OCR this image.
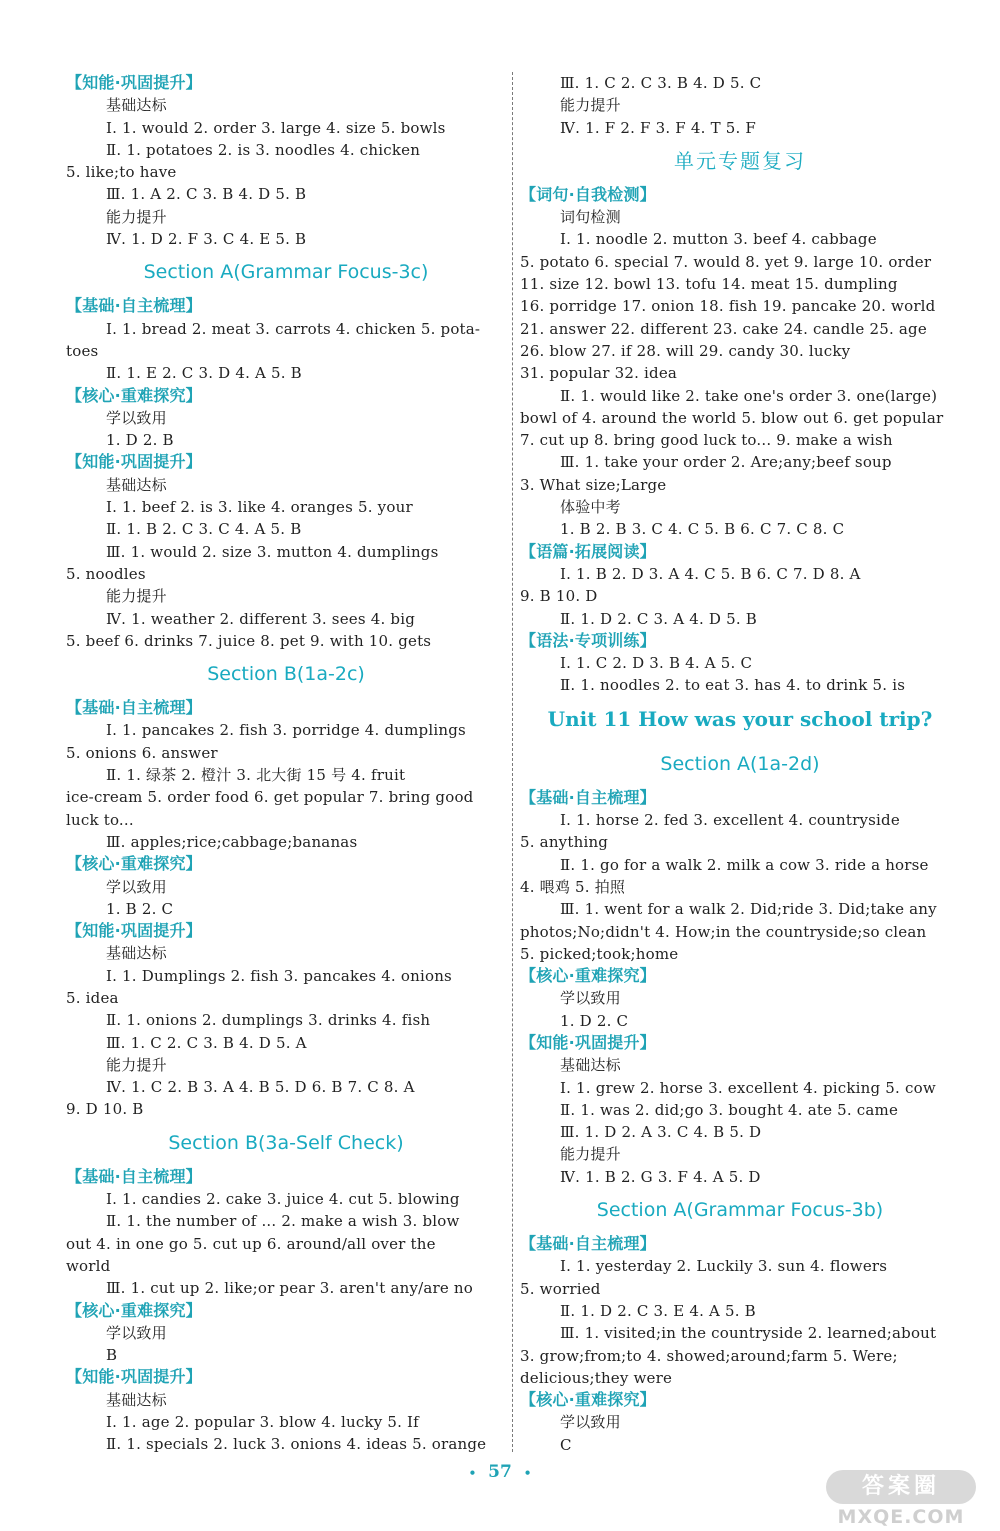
【知能·巩固提升】
基础达标
Ⅰ. 1. would 2. order 3. large 4. size 5. bowls
Ⅱ. 1. potatoes 2. is 3. noodles 4. chicken
5. like;to have
Ⅲ. 1. A 2. C 3. B 4. D 5. B
能力提升
Ⅳ. 1. D 2. F 3. C 4. E 5. B
Section A(Grammar Focus-3c)
【基础·自主梳理】
Ⅰ. 1. bread 2. meat 3. carrots 4. chicken 5. pota-
toes
Ⅱ. 1. E 2. C 3. D 4. A 5. B
【核心·重难探究】
学以致用
1. D 2. B
【知能·巩固提升】
基础达标
Ⅰ. 1. beef 2. is 3. like 4. oranges 5. your
Ⅱ. 1. B 2. C 3. C 4. A 5. B
Ⅲ. 1. would 2. size 3. mutton 4. dumplings
5. noodles
能力提升
Ⅳ. 1. weather 2. different 3. sees 4. big
5. beef 6. drinks 7. juice 8. pet 9. with 10. gets
Section B(1a-2c)
【基础·自主梳理】
Ⅰ. 1. pancakes 2. fish 3. porridge 4. dumplings
5. onions 6. answer
Ⅱ. 1. 绿茶 2. 橙汁 3. 北大街 15 号 4. fruit
ice-cream 5. order food 6. get popular 7. bring good
luck to...
Ⅲ. apples;rice;cabbage;bananas
【核心·重难探究】
学以致用
1. B 2. C
【知能·巩固提升】
基础达标
Ⅰ. 1. Dumplings 2. fish 3. pancakes 4. onions
5. idea
Ⅱ. 1. onions 2. dumplings 3. drinks 4. fish
Ⅲ. 1. C 2. C 3. B 4. D 5. A
能力提升
Ⅳ. 1. C 2. B 3. A 4. B 5. D 6. B 7. C 8. A
9. D 10. B
Section B(3a-Self Check)
【基础·自主梳理】
Ⅰ. 1. candies 2. cake 3. juice 4. cut 5. blowing
Ⅱ. 1. the number of ... 2. make a wish 3. blow
out 4. in one go 5. cut up 6. around/all over the
world
Ⅲ. 1. cut up 2. like;or pear 3. aren't any/are no
【核心·重难探究】
学以致用
B
【知能·巩固提升】
基础达标
Ⅰ. 1. age 2. popular 3. blow 4. lucky 5. If
Ⅱ. 1. specials 2. luck 3. onions 4. ideas 5. orange
Ⅲ. 1. C 2. C 3. B 4. D 5. C
能力提升
Ⅳ. 1. F 2. F 3. F 4. T 5. F
单元专题复习
【词句·自我检测】
词句检测
Ⅰ. 1. noodle 2. mutton 3. beef 4. cabbage
5. potato 6. special 7. would 8. yet 9. large 10. order
11. size 12. bowl 13. tofu 14. meat 15. dumpling
16. porridge 17. onion 18. fish 19. pancake 20. world
21. answer 22. different 23. cake 24. candle 25. age
26. blow 27. if 28. will 29. candy 30. lucky
31. popular 32. idea
Ⅱ. 1. would like 2. take one's order 3. one(large)
bowl of 4. around the world 5. blow out 6. get popular
7. cut up 8. bring good luck to... 9. make a wish
Ⅲ. 1. take your order 2. Are;any;beef soup
3. What size;Large
体验中考
1. B 2. B 3. C 4. C 5. B 6. C 7. C 8. C
【语篇·拓展阅读】
Ⅰ. 1. B 2. D 3. A 4. C 5. B 6. C 7. D 8. A
9. B 10. D
Ⅱ. 1. D 2. C 3. A 4. D 5. B
【语法·专项训练】
Ⅰ. 1. C 2. D 3. B 4. A 5. C
Ⅱ. 1. noodles 2. to eat 3. has 4. to drink 5. is
Unit 11 How was your school trip?
Section A(1a-2d)
【基础·自主梳理】
Ⅰ. 1. horse 2. fed 3. excellent 4. countryside
5. anything
Ⅱ. 1. go for a walk 2. milk a cow 3. ride a horse
4. 喂鸡 5. 拍照
Ⅲ. 1. went for a walk 2. Did;ride 3. Did;take any
photos;No;didn't 4. How;in the countryside;so clean
5. picked;took;home
【核心·重难探究】
学以致用
1. D 2. C
【知能·巩固提升】
基础达标
Ⅰ. 1. grew 2. horse 3. excellent 4. picking 5. cow
Ⅱ. 1. was 2. did;go 3. bought 4. ate 5. came
Ⅲ. 1. D 2. A 3. C 4. B 5. D
能力提升
Ⅳ. 1. B 2. G 3. F 4. A 5. D
Section A(Grammar Focus-3b)
【基础·自主梳理】
Ⅰ. 1. yesterday 2. Luckily 3. sun 4. flowers
5. worried
Ⅱ. 1. D 2. C 3. E 4. A 5. B
Ⅲ. 1. visited;in the countryside 2. learned;about
3. grow;from;to 4. showed;around;farm 5. Were;
delicious;they were
【核心·重难探究】
学以致用
C
• 57 •
答案圈
MXQE.COM
